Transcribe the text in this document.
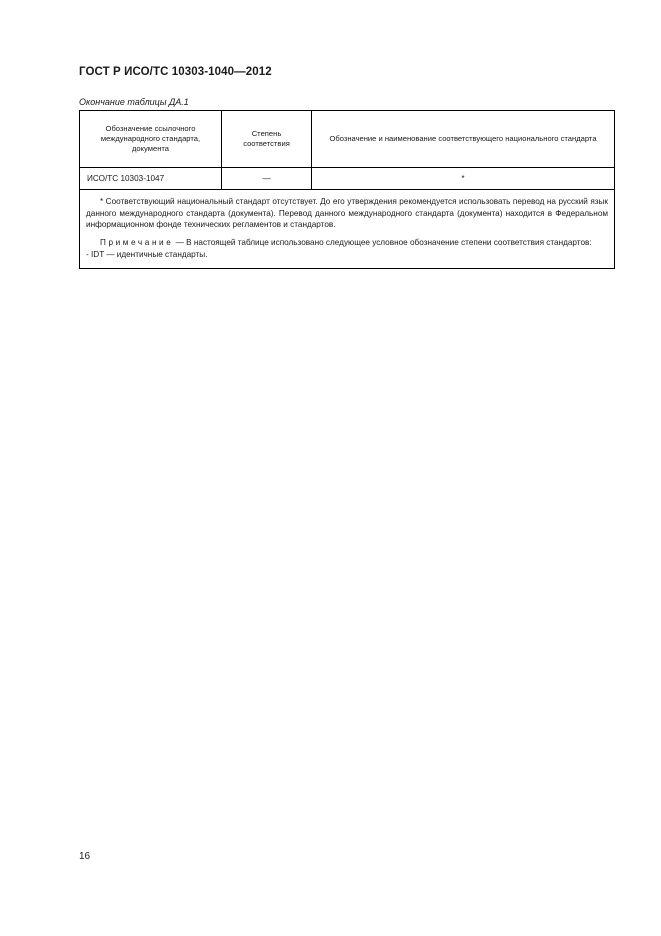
ГОСТ Р ИСО/ТС 10303-1040—2012
Окончание таблицы ДА.1
Обозначение ссылочного международного стандарта, документа	Степень соответствия	Обозначение и наименование соответствующего национального стандарта
ИСО/ТС 10303-1047	—	*

* Соответствующий национальный стандарт отсутствует. До его утверждения рекомендуется использовать перевод на русский язык данного международного стандарта (документа). Перевод данного международного стандарта (документа) находится в Федеральном информационном фонде технических регламентов и стандартов.

Примечание — В настоящей таблице использовано следующее условное обозначение степени соответствия стандартов:

- IDT — идентичные стандарты.		

16
